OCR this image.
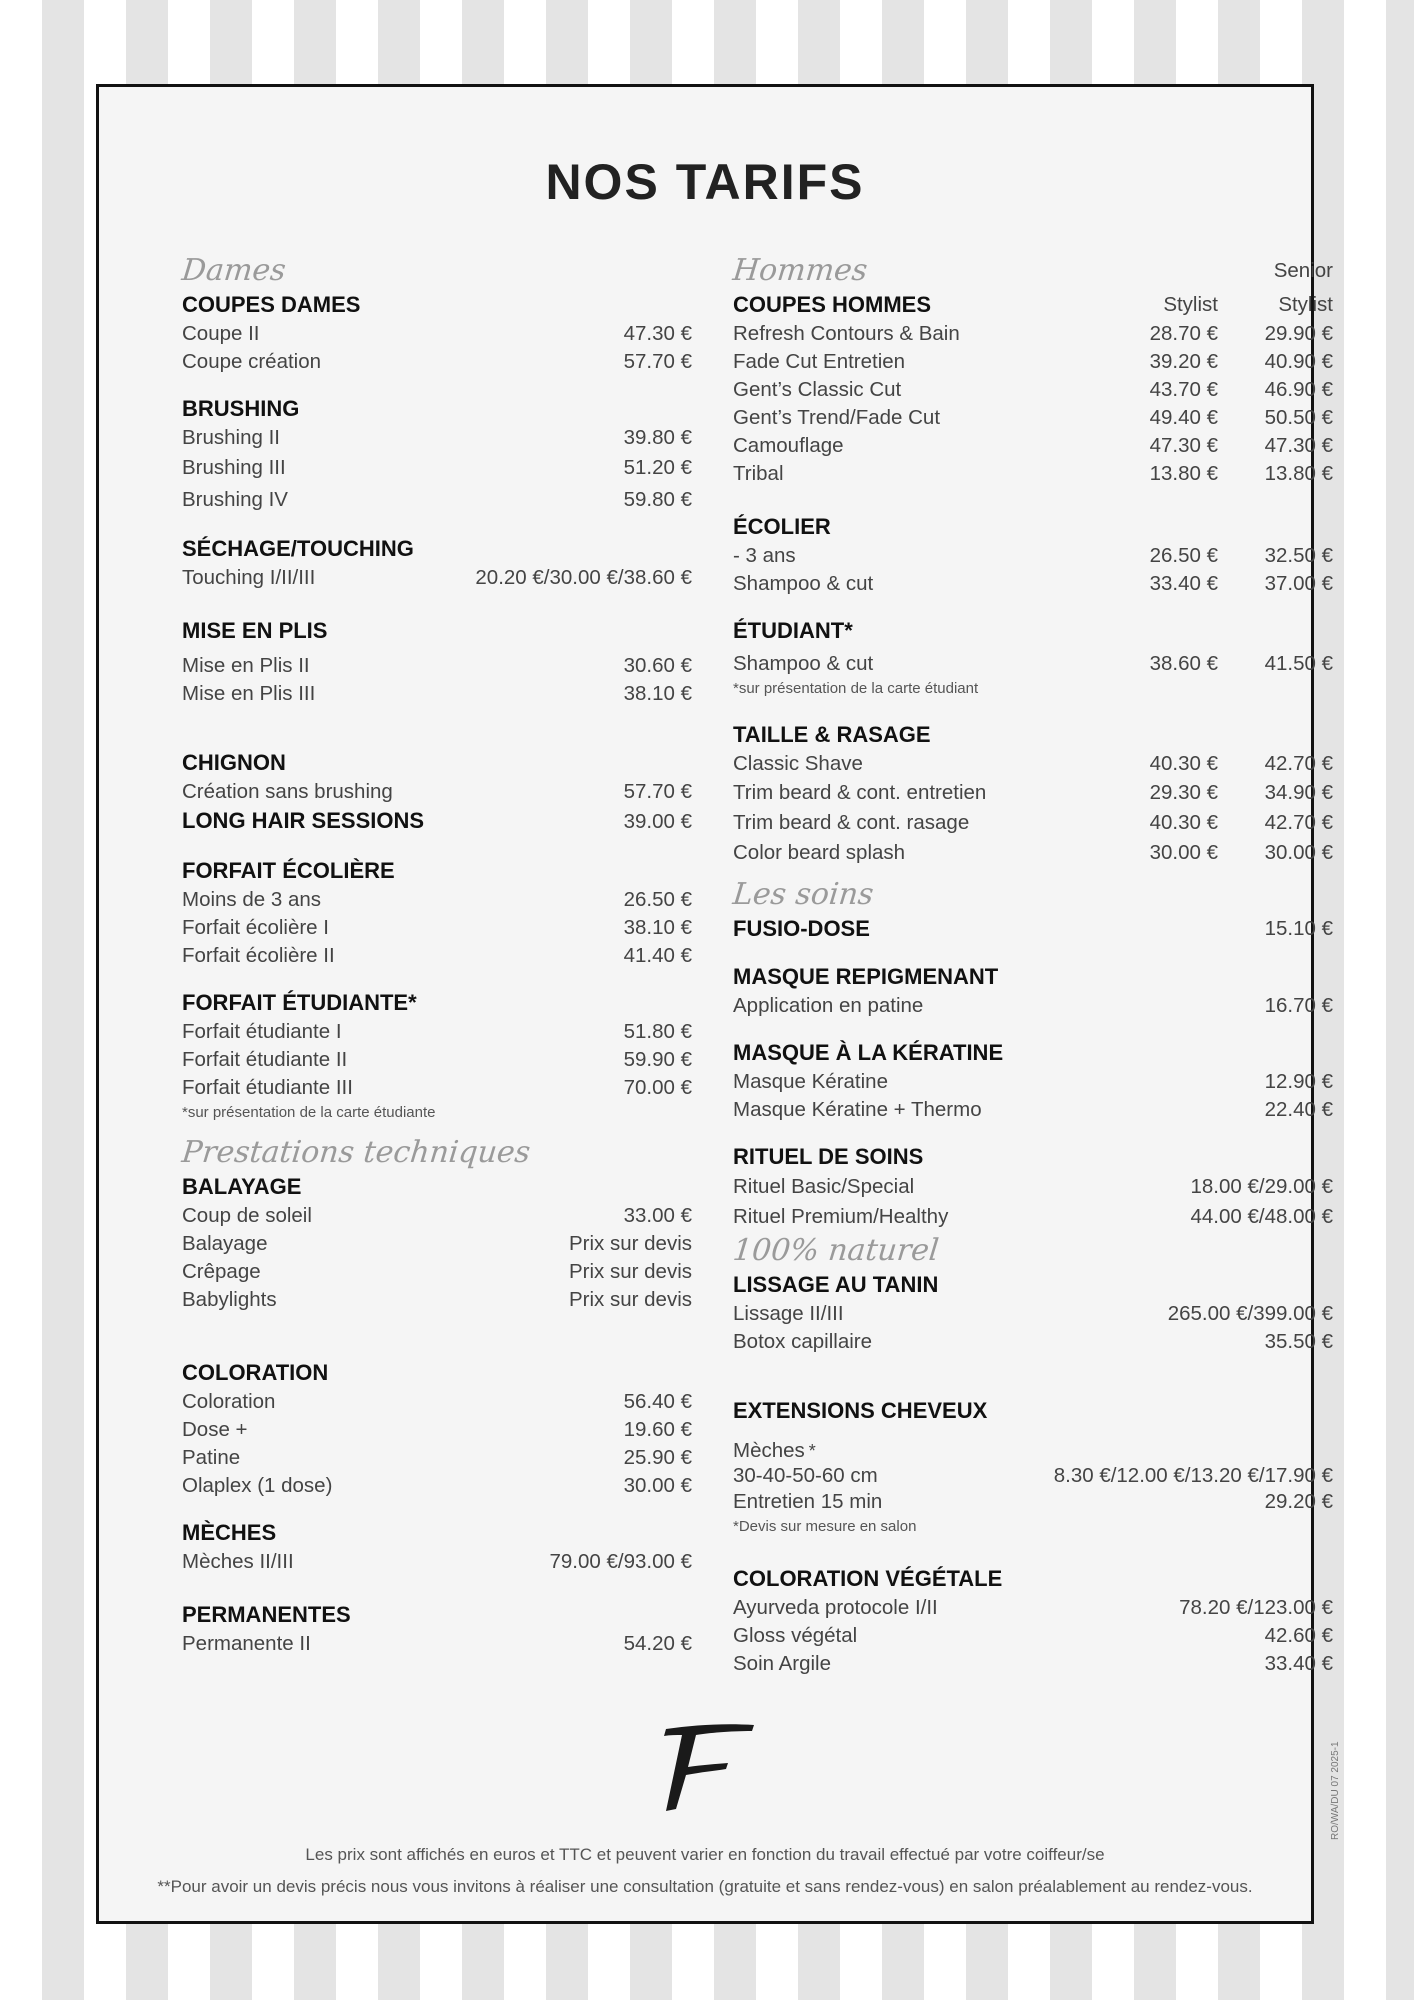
NOS TARIFS
Dames
COUPES DAMES
Coupe II	47.30 €
Coupe création	57.70 €
BRUSHING
Brushing II	39.80 €
Brushing III	51.20 €
Brushing IV	59.80 €
SÉCHAGE/TOUCHING
Touching I/II/III	20.20 €/30.00 €/38.60 €
MISE EN PLIS
Mise en Plis II	30.60 €
Mise en Plis III	38.10 €
CHIGNON
Création sans brushing	57.70 €
LONG HAIR SESSIONS	39.00 €
FORFAIT ÉCOLIÈRE
Moins de 3 ans	26.50 €
Forfait écolière I	38.10 €
Forfait écolière II	41.40 €
FORFAIT ÉTUDIANTE*
Forfait étudiante I	51.80 €
Forfait étudiante II	59.90 €
Forfait étudiante III	70.00 €
*sur présentation de la carte étudiante
Prestations techniques
BALAYAGE
Coup de soleil	33.00 €
Balayage	Prix sur devis
Crêpage	Prix sur devis
Babylights	Prix sur devis
COLORATION
Coloration	56.40 €
Dose +	19.60 €
Patine	25.90 €
Olaplex (1 dose)	30.00 €
MÈCHES
Mèches II/III	79.00 €/93.00 €
PERMANENTES
Permanente II	54.20 €
Hommes	Senior
COUPES HOMMES	Stylist	Stylist
Refresh Contours & Bain	28.70 €	29.90 €
Fade Cut Entretien	39.20 €	40.90 €
Gent’s Classic Cut	43.70 €	46.90 €
Gent’s Trend/Fade Cut	49.40 €	50.50 €
Camouflage	47.30 €	47.30 €
Tribal	13.80 €	13.80 €
ÉCOLIER
- 3 ans	26.50 €	32.50 €
Shampoo & cut	33.40 €	37.00 €
ÉTUDIANT*
Shampoo & cut	38.60 €	41.50 €
*sur présentation de la carte étudiant
TAILLE & RASAGE
Classic Shave	40.30 €	42.70 €
Trim beard & cont. entretien	29.30 €	34.90 €
Trim beard & cont. rasage	40.30 €	42.70 €
Color beard splash	30.00 €	30.00 €
Les soins
FUSIO-DOSE	15.10 €
MASQUE REPIGMENANT
Application en patine	16.70 €
MASQUE À LA KÉRATINE
Masque Kératine	12.90 €
Masque Kératine + Thermo	22.40 €
RITUEL DE SOINS
Rituel Basic/Special	18.00 €/29.00 €
Rituel Premium/Healthy	44.00 €/48.00 €
100% naturel
LISSAGE AU TANIN
Lissage II/III	265.00 €/399.00 €
Botox capillaire	35.50 €
EXTENSIONS CHEVEUX
Mèches *
30-40-50-60 cm	8.30 €/12.00 €/13.20 €/17.90 €
Entretien 15 min	29.20 €
*Devis sur mesure en salon
COLORATION VÉGÉTALE
Ayurveda protocole I/II	78.20 €/123.00 €
Gloss végétal	42.60 €
Soin Argile	33.40 €
Les prix sont affichés en euros et TTC et peuvent varier en fonction du travail effectué par votre coiffeur/se
**Pour avoir un devis précis nous vous invitons à réaliser une consultation (gratuite et sans rendez-vous) en salon préalablement au rendez-vous.
RO/WA/DU 07 2025-1
